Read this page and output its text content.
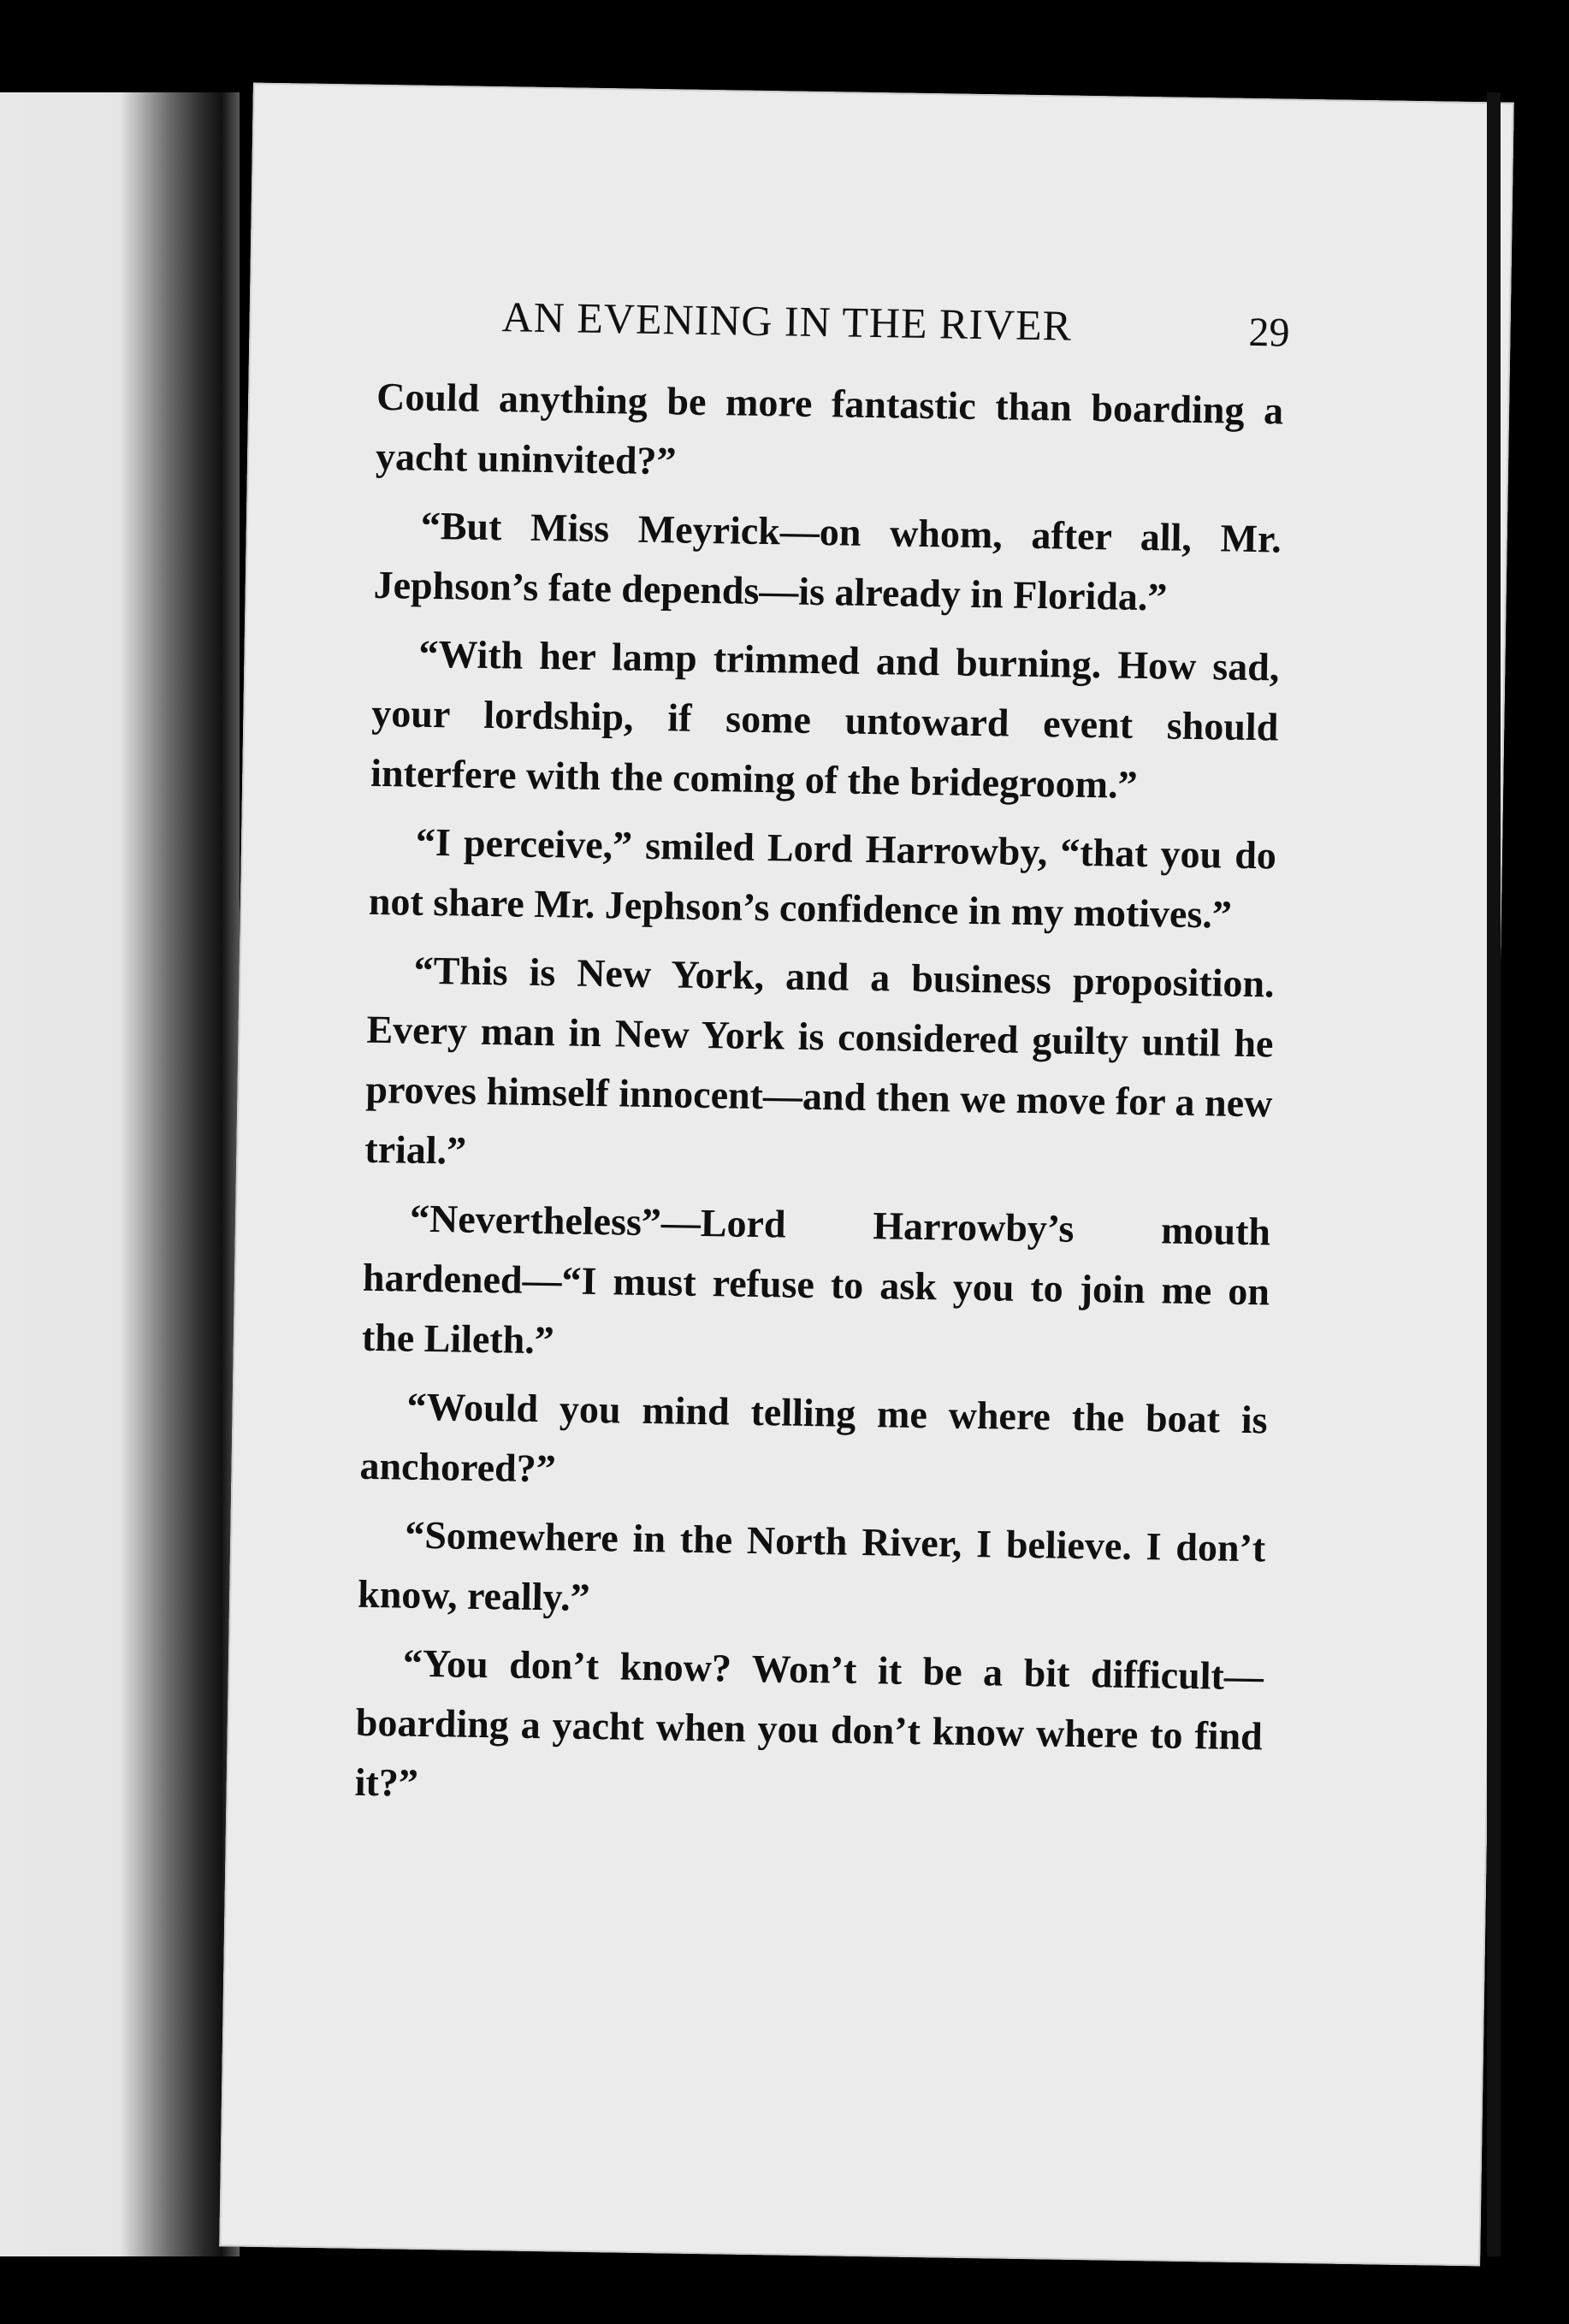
AN EVENING IN THE RIVER	29

Could anything be more fantastic than boarding a yacht uninvited?”

“But Miss Meyrick—on whom, after all, Mr. Jephson’s fate depends—is already in Florida.”

“With her lamp trimmed and burning. How sad, your lordship, if some untoward event should interfere with the coming of the bridegroom.”

“I perceive,” smiled Lord Harrowby, “that you do not share Mr. Jephson’s confidence in my motives.”

“This is New York, and a business proposition. Every man in New York is considered guilty until he proves himself innocent—and then we move for a new trial.”

“Nevertheless”—Lord Harrowby’s mouth hardened—“I must refuse to ask you to join me on the Lileth.”

“Would you mind telling me where the boat is anchored?”

“Somewhere in the North River, I believe. I don’t know, really.”

“You don’t know? Won’t it be a bit difficult—boarding a yacht when you don’t know where to find it?”
